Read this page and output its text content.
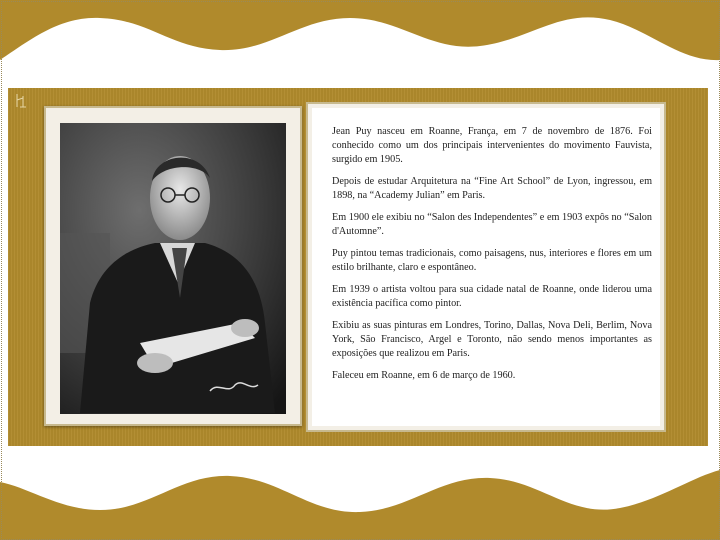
Jean Puy nasceu em Roanne, França, em 7 de novembro de 1876. Foi conhecido como um dos principais intervenientes do movimento Fauvista, surgido em 1905.

Depois de estudar Arquitetura na “Fine Art School” de Lyon, ingressou, em 1898, na “Academy Julian” em Paris.

Em 1900 ele exibiu no “Salon des Independentes” e em 1903 expôs no “Salon d'Automne”.

Puy pintou temas tradicionais, como paisagens, nus, interiores e flores em um estilo brilhante, claro e espontâneo.

Em 1939 o artista voltou para sua cidade natal de Roanne, onde liderou uma existência pacífica como pintor.

Exibiu as suas pinturas em Londres, Torino, Dallas, Nova Deli, Berlim, Nova York, São Francisco, Argel e Toronto, não sendo menos importantes as exposições que realizou em Paris.

Faleceu em Roanne, em 6 de março de 1960.
